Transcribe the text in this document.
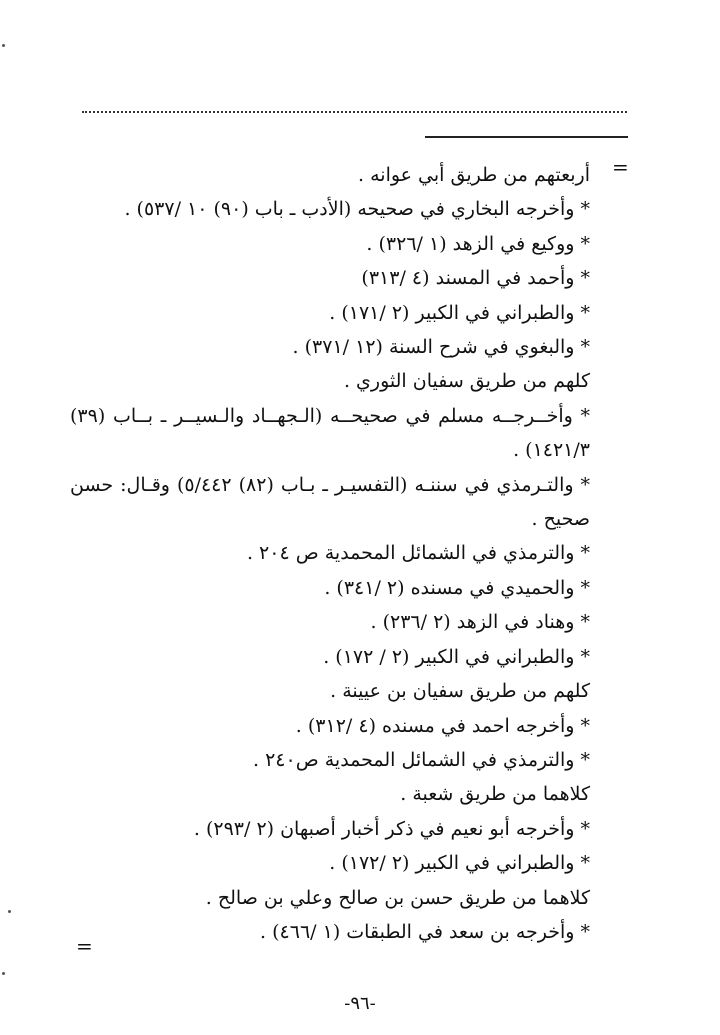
=
=
أربعتهم من طريق أبي عوانه .
* وأخرجه البخاري في صحيحه (الأدب ـ باب (٩٠) ١٠ /٥٣٧) .
* ووكيع في الزهد (١ /٣٢٦) .
* وأحمد في المسند (٤ /٣١٣)
* والطبراني في الكبير (٢ /١٧١) .
* والبغوي في شرح السنة (١٢ /٣٧١) .
كلهم من طريق سفيان الثوري .
* وأخــرجــه مسلم في صحيحــه (الـجهــاد والـسيــر ـ بــاب (٣٩) ١٤٢١/٣) .
* والتـرمذي في سننـه (التفسيـر ـ بـاب (٨٢) ٥/٤٤٢) وقـال: حسن صحيح .
* والترمذي في الشمائل المحمدية ص ٢٠٤ .
* والحميدي في مسنده (٢ /٣٤١) .
* وهناد في الزهد (٢ /٢٣٦) .
* والطبراني في الكبير (٢ / ١٧٢) .
كلهم من طريق سفيان بن عيينة .
* وأخرجه احمد في مسنده (٤ /٣١٢) .
* والترمذي في الشمائل المحمدية ص٢٤٠ .
كلاهما من طريق شعبة .
* وأخرجه أبو نعيم في ذكر أخبار أصبهان (٢ /٢٩٣) .
* والطبراني في الكبير (٢ /١٧٢) .
كلاهما من طريق حسن بن صالح وعلي بن صالح .
* وأخرجه بن سعد في الطبقات (١ /٤٦٦) .
-٩٦-
